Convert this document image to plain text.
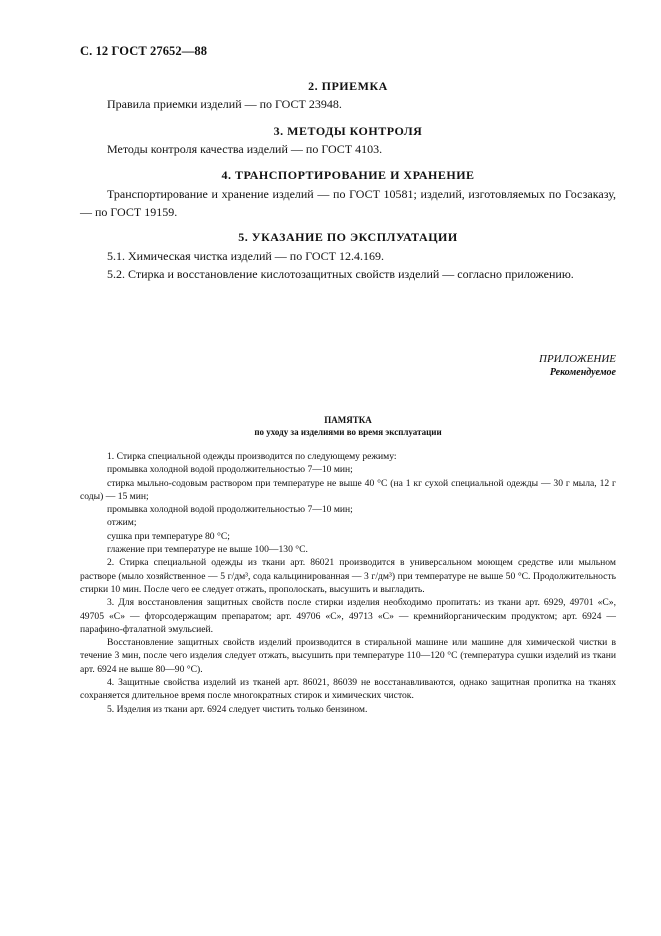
С. 12 ГОСТ 27652—88
2. ПРИЕМКА

Правила приемки изделий — по ГОСТ 23948.

3. МЕТОДЫ КОНТРОЛЯ

Методы контроля качества изделий — по ГОСТ 4103.

4. ТРАНСПОРТИРОВАНИЕ И ХРАНЕНИЕ

Транспортирование и хранение изделий — по ГОСТ 10581; изделий, изготовляемых по Госзаказу, — по ГОСТ 19159.

5. УКАЗАНИЕ ПО ЭКСПЛУАТАЦИИ
5.1. Химическая чистка изделий — по ГОСТ 12.4.169.
5.2. Стирка и восстановление кислотозащитных свойств изделий — согласно приложению.
ПРИЛОЖЕНИЕ
Рекомендуемое
ПАМЯТКА
по уходу за изделиями во время эксплуатации

1. Стирка специальной одежды производится по следующему режиму:

промывка холодной водой продолжительностью 7—10 мин;

стирка мыльно-содовым раствором при температуре не выше 40 °С (на 1 кг сухой специальной одежды — 30 г мыла, 12 г соды) — 15 мин;

промывка холодной водой продолжительностью 7—10 мин;

отжим;

сушка при температуре 80 °С;

глажение при температуре не выше 100—130 °С.

2. Стирка специальной одежды из ткани арт. 86021 производится в универсальном моющем средстве или мыльном растворе (мыло хозяйственное — 5 г/дм³, сода кальцинированная — 3 г/дм³) при температуре не выше 50 °С. Продолжительность стирки 10 мин. После чего ее следует отжать, прополоскать, высушить и выгладить.

3. Для восстановления защитных свойств после стирки изделия необходимо пропитать: из ткани арт. 6929, 49701 «С», 49705 «С» — фторсодержащим препаратом; арт. 49706 «С», 49713 «С» — кремнийорганическим продуктом; арт. 6924 — парафино-фталатной эмульсией.

Восстановление защитных свойств изделий производится в стиральной машине или машине для химической чистки в течение 3 мин, после чего изделия следует отжать, высушить при температуре 110—120 °С (температура сушки изделий из ткани арт. 6924 не выше 80—90 °С).

4. Защитные свойства изделий из тканей арт. 86021, 86039 не восстанавливаются, однако защитная пропитка на тканях сохраняется длительное время после многократных стирок и химических чисток.

5. Изделия из ткани арт. 6924 следует чистить только бензином.
